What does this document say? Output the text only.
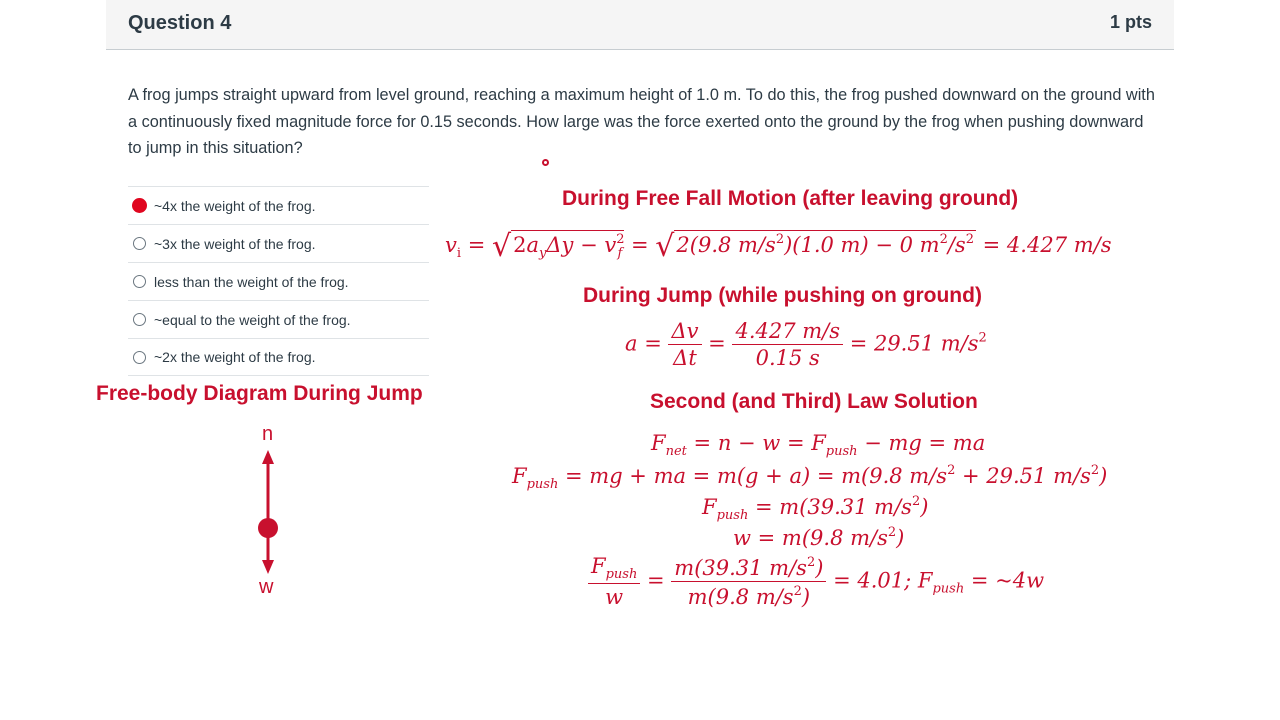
Question 4	1 pts
A frog jumps straight upward from level ground, reaching a maximum height of 1.0 m. To do this, the frog pushed downward on the ground with a continuously fixed magnitude force for 0.15 seconds. How large was the force exerted onto the ground by the frog when pushing downward to jump in this situation?
~4x the weight of the frog.
~3x the weight of the frog.
less than the weight of the frog.
~equal to the weight of the frog.
~2x the weight of the frog.
During Free Fall Motion (after leaving ground)
$v_i = √2a_y\Delta y - v^2_f = √2(9.8$ $m/s^2)(1.0$ m) − 0 $m^2/s^2 = 4.427$ m/s
During Jump (while pushing on ground)
$a = \frac{\Delta v}{\Delta t} = \frac{4.427 m/s}{0.15 s} = 29.51$ $m/s^2$
Second (and Third) Law Solution
$F_{net} = n - w = F_{push}$ − mg = ma
$F_{push}$ = mg + ma = m(g + a) = m(9.8 $m/s^2 + 29.51$ $m/s^2$)
$F_{push} = m(39.31$ $m/s^2$)
w = m(9.8 $m/s^2$)
$\frac{F_{push}}{w} = \frac{m(39.31 m/s^2)}{m(9.8 m/s^2)} = 4.01$; $F_{push}$ = ~4w
Free-body Diagram During Jump
n
w
